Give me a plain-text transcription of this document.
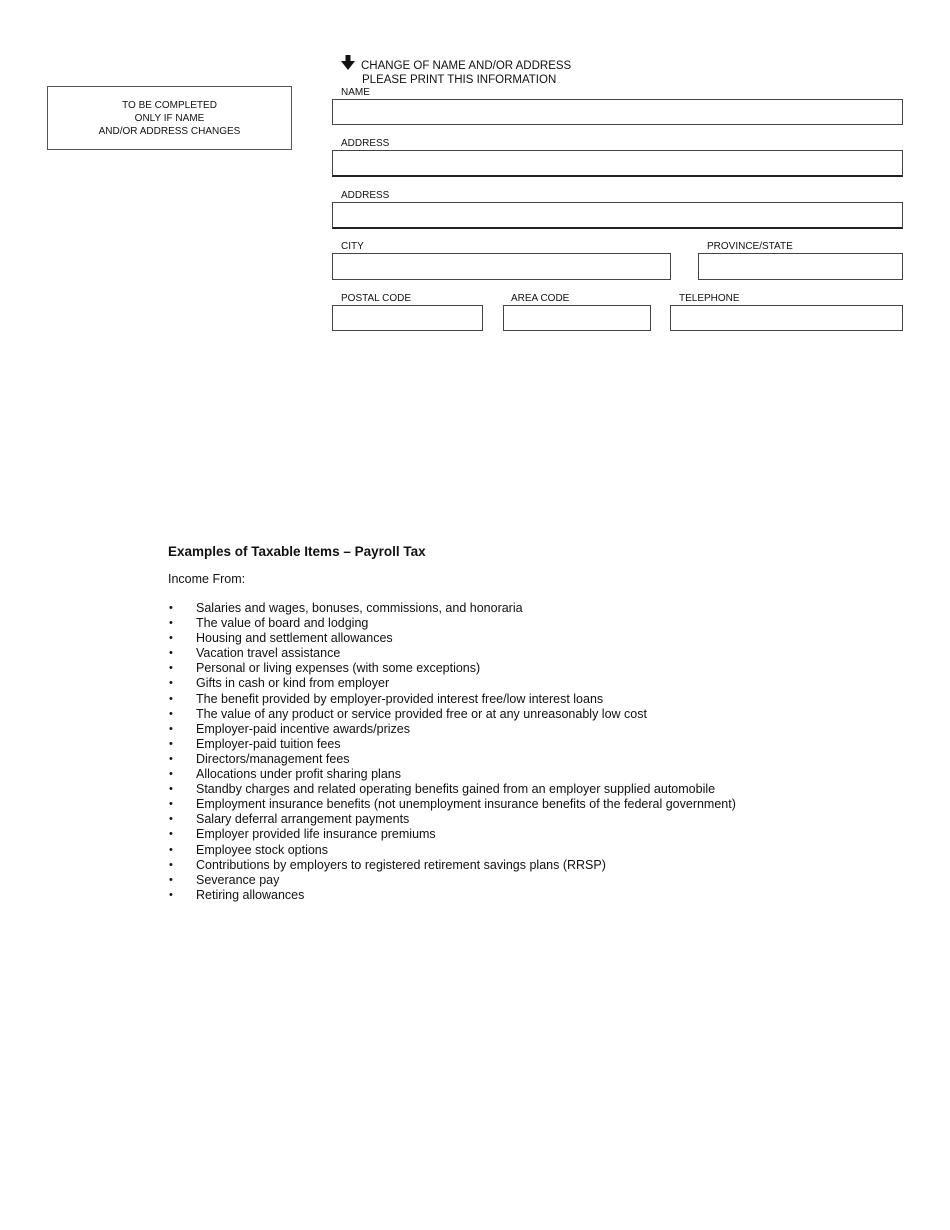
TO BE COMPLETED
ONLY IF NAME
AND/OR ADDRESS CHANGES
CHANGE OF NAME AND/OR ADDRESS
PLEASE PRINT THIS INFORMATION
NAME
ADDRESS
ADDRESS
CITY	PROVINCE/STATE
POSTAL CODE	AREA CODE	TELEPHONE
Examples of Taxable Items – Payroll Tax
Income From:
• Salaries and wages, bonuses, commissions, and honoraria
• The value of board and lodging
• Housing and settlement allowances
• Vacation travel assistance
• Personal or living expenses (with some exceptions)
• Gifts in cash or kind from employer
• The benefit provided by employer-provided interest free/low interest loans
• The value of any product or service provided free or at any unreasonably low cost
• Employer-paid incentive awards/prizes
• Employer-paid tuition fees
• Directors/management fees
• Allocations under profit sharing plans
• Standby charges and related operating benefits gained from an employer supplied automobile
• Employment insurance benefits (not unemployment insurance benefits of the federal government)
• Salary deferral arrangement payments
• Employer provided life insurance premiums
• Employee stock options
• Contributions by employers to registered retirement savings plans (RRSP)
• Severance pay
• Retiring allowances
